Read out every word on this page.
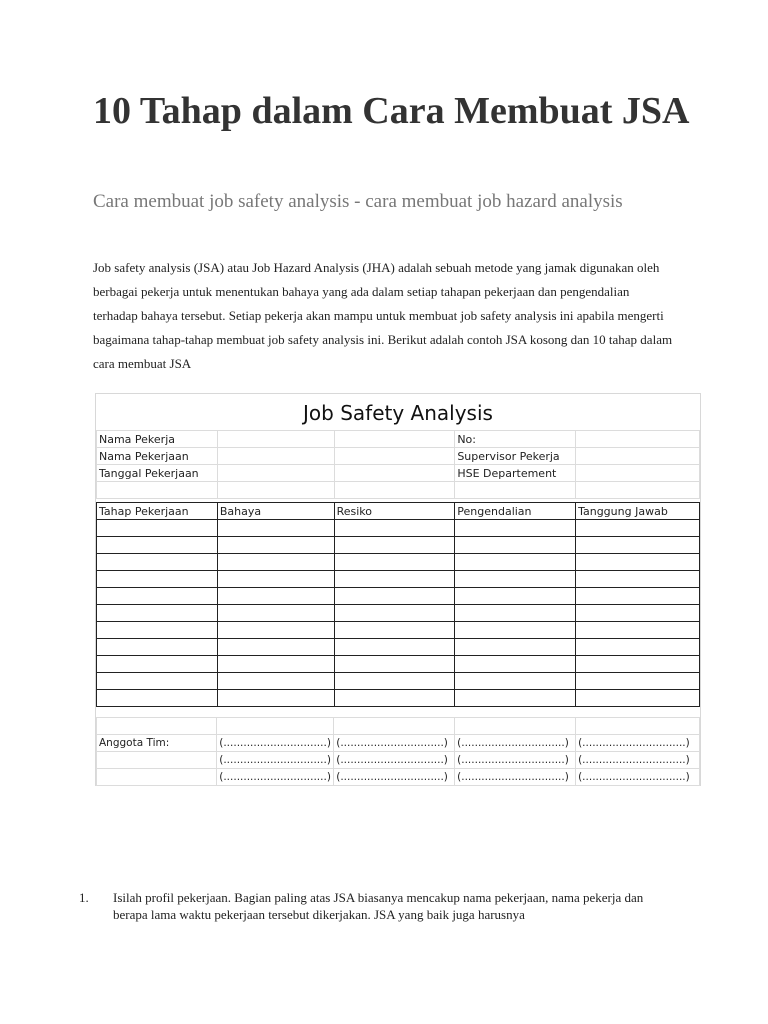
10 Tahap dalam Cara Membuat JSA
Cara membuat job safety analysis - cara membuat job hazard analysis
Job safety analysis (JSA) atau Job Hazard Analysis (JHA) adalah sebuah metode yang jamak digunakan oleh berbagai pekerja untuk menentukan bahaya yang ada dalam setiap tahapan pekerjaan dan pengendalian terhadap bahaya tersebut. Setiap pekerja akan mampu untuk membuat job safety analysis ini apabila mengerti bagaimana tahap-tahap membuat job safety analysis ini. Berikut adalah contoh JSA kosong dan 10 tahap dalam cara membuat JSA
Job Safety Analysis
Nama Pekerja			No:	
Nama Pekerjaan			Supervisor Pekerja	
Tanggal Pekerjaan			HSE Departement	

Tahap Pekerjaan	Bahaya	Resiko	Pengendalian	Tanggung Jawab

Anggota Tim:	(...............................)	(...............................)	(...............................)	(...............................)
	(...............................)	(...............................)	(...............................)	(...............................)
	(...............................)	(...............................)	(...............................)	(...............................)
1. Isilah profil pekerjaan. Bagian paling atas JSA biasanya mencakup nama pekerjaan, nama pekerja dan berapa lama waktu pekerjaan tersebut dikerjakan. JSA yang baik juga harusnya
